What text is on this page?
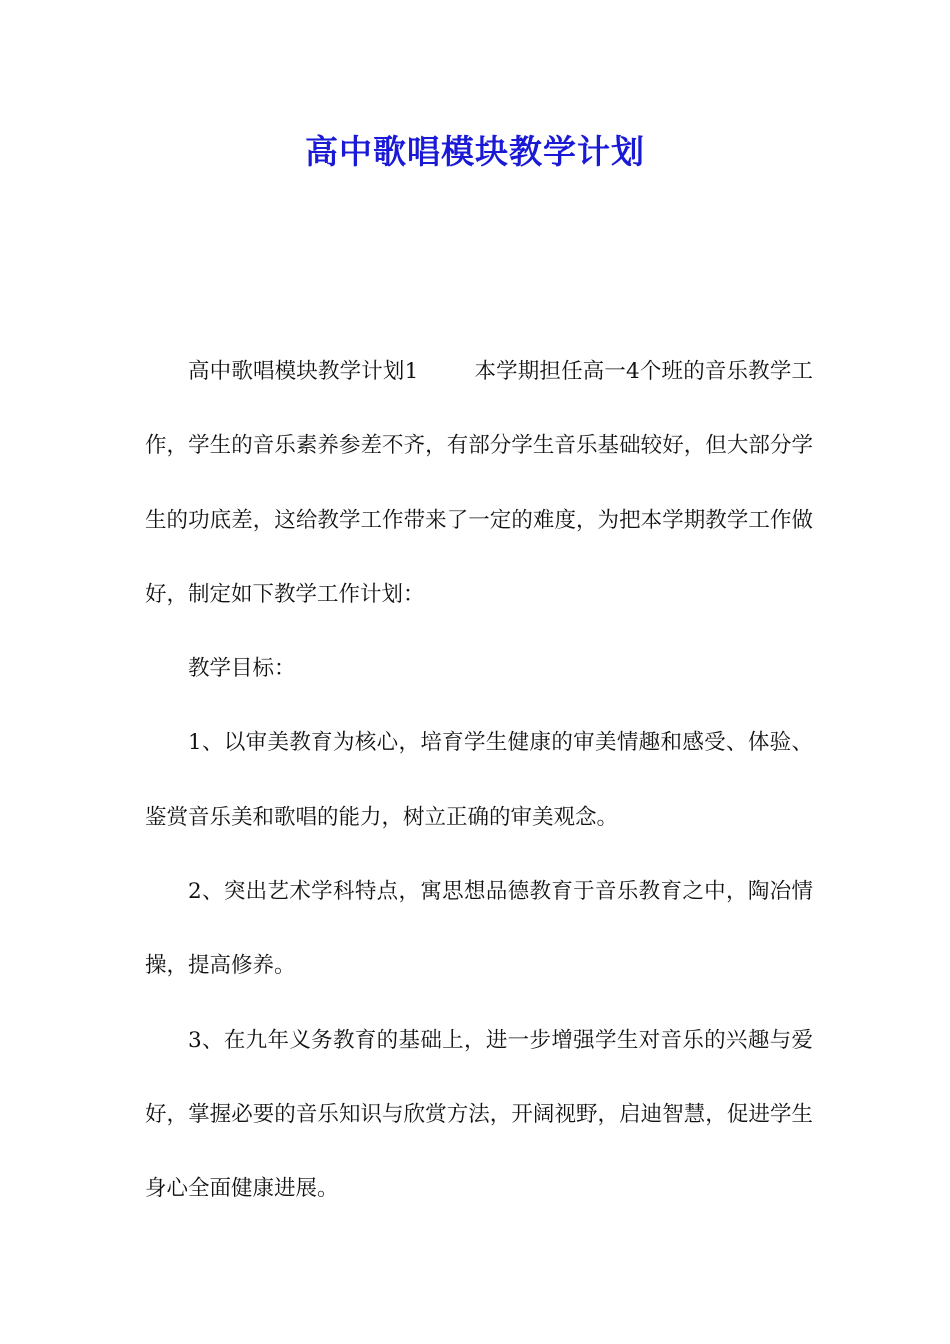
高中歌唱模块教学计划

高中歌唱模块教学计划1	本学期担任高一4个班的音乐教学工作，学生的音乐素养参差不齐，有部分学生音乐基础较好，但大部分学生的功底差，这给教学工作带来了一定的难度，为把本学期教学工作做好，制定如下教学工作计划：

教学目标：

1、以审美教育为核心，培育学生健康的审美情趣和感受、体验、鉴赏音乐美和歌唱的能力，树立正确的审美观念。

2、突出艺术学科特点，寓思想品德教育于音乐教育之中，陶冶情操，提高修养。

3、在九年义务教育的基础上，进一步增强学生对音乐的兴趣与爱好，掌握必要的音乐知识与欣赏方法，开阔视野，启迪智慧，促进学生身心全面健康进展。
